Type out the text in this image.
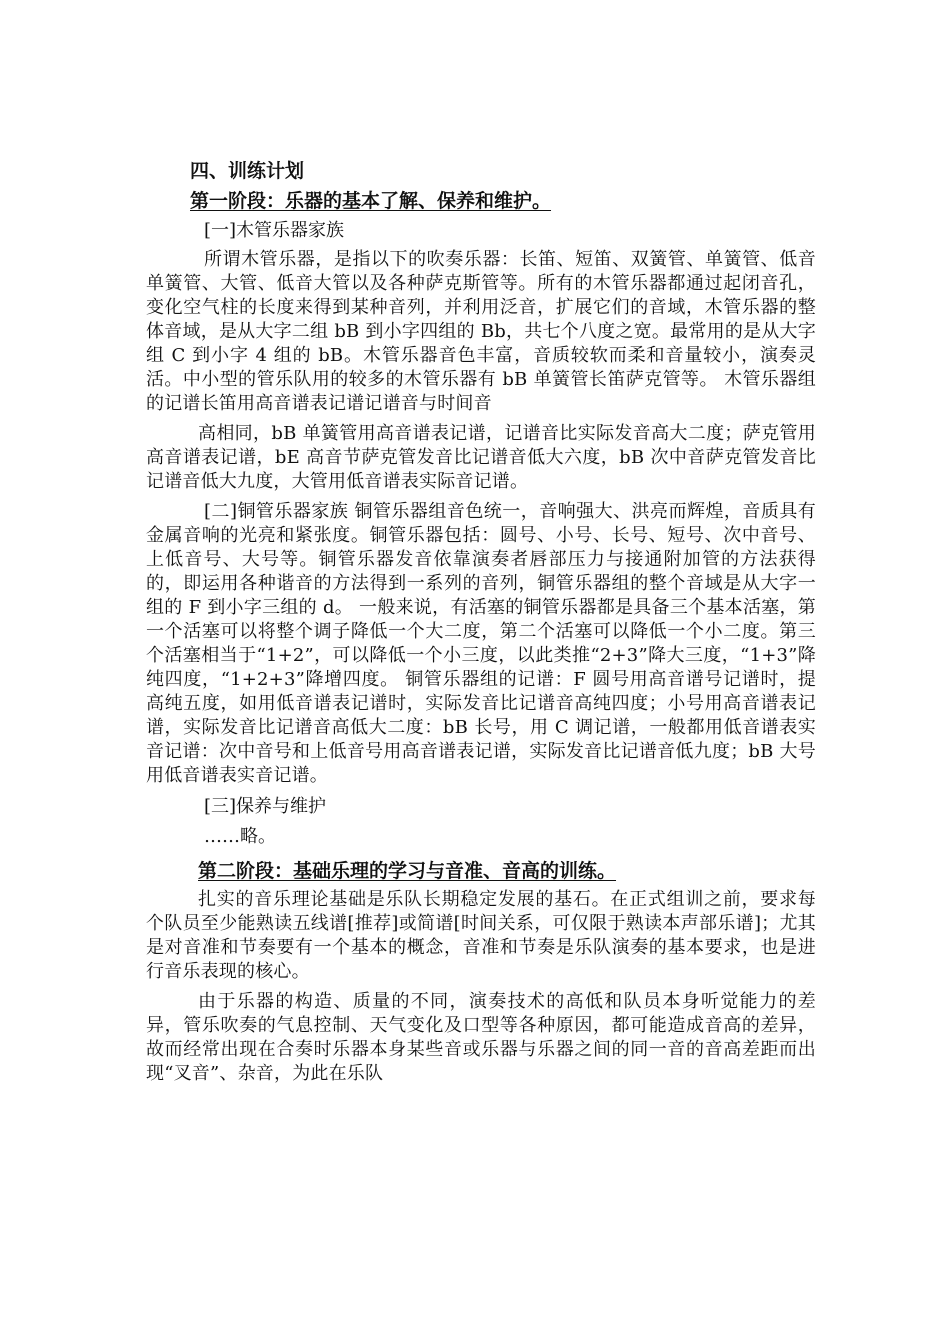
四、训练计划
第一阶段：乐器的基本了解、保养和维护。
[一]木管乐器家族

所谓木管乐器，是指以下的吹奏乐器：长笛、短笛、双簧管、单簧管、低音单簧管、大管、低音大管以及各种萨克斯管等。所有的木管乐器都通过起闭音孔，变化空气柱的长度来得到某种音列，并利用泛音，扩展它们的音域，木管乐器的整体音域，是从大字二组 bB 到小字四组的 Bb，共七个八度之宽。最常用的是从大字组 C 到小字 4 组的 bB。木管乐器音色丰富，音质较软而柔和音量较小，演奏灵活。中小型的管乐队用的较多的木管乐器有 bB 单簧管长笛萨克管等。 木管乐器组的记谱长笛用高音谱表记谱记谱音与时间音

高相同，bB 单簧管用高音谱表记谱，记谱音比实际发音高大二度；萨克管用高音谱表记谱，bE 高音节萨克管发音比记谱音低大六度，bB 次中音萨克管发音比记谱音低大九度，大管用低音谱表实际音记谱。

[二]铜管乐器家族 铜管乐器组音色统一，音响强大、洪亮而辉煌，音质具有金属音响的光亮和紧张度。铜管乐器包括：圆号、小号、长号、短号、次中音号、上低音号、大号等。铜管乐器发音依靠演奏者唇部压力与接通附加管的方法获得的，即运用各种谐音的方法得到一系列的音列，铜管乐器组的整个音域是从大字一组的 F 到小字三组的 d。 一般来说，有活塞的铜管乐器都是具备三个基本活塞，第一个活塞可以将整个调子降低一个大二度，第二个活塞可以降低一个小二度。第三个活塞相当于“1+2”，可以降低一个小三度，以此类推“2+3”降大三度，“1+3”降纯四度，“1+2+3”降增四度。 铜管乐器组的记谱：F 圆号用高音谱号记谱时，提高纯五度，如用低音谱表记谱时，实际发音比记谱音高纯四度；小号用高音谱表记谱，实际发音比记谱音高低大二度：bB 长号，用 C 调记谱，一般都用低音谱表实音记谱：次中音号和上低音号用高音谱表记谱，实际发音比记谱音低九度；bB 大号用低音谱表实音记谱。

[三]保养与维护
……略。
第二阶段：基础乐理的学习与音准、音高的训练。

扎实的音乐理论基础是乐队长期稳定发展的基石。在正式组训之前，要求每个队员至少能熟读五线谱[推荐]或简谱[时间关系，可仅限于熟读本声部乐谱]；尤其是对音准和节奏要有一个基本的概念，音准和节奏是乐队演奏的基本要求，也是进行音乐表现的核心。

由于乐器的构造、质量的不同，演奏技术的高低和队员本身听觉能力的差异，管乐吹奏的气息控制、天气变化及口型等各种原因，都可能造成音高的差异，故而经常出现在合奏时乐器本身某些音或乐器与乐器之间的同一音的音高差距而出现“叉音”、杂音，为此在乐队
